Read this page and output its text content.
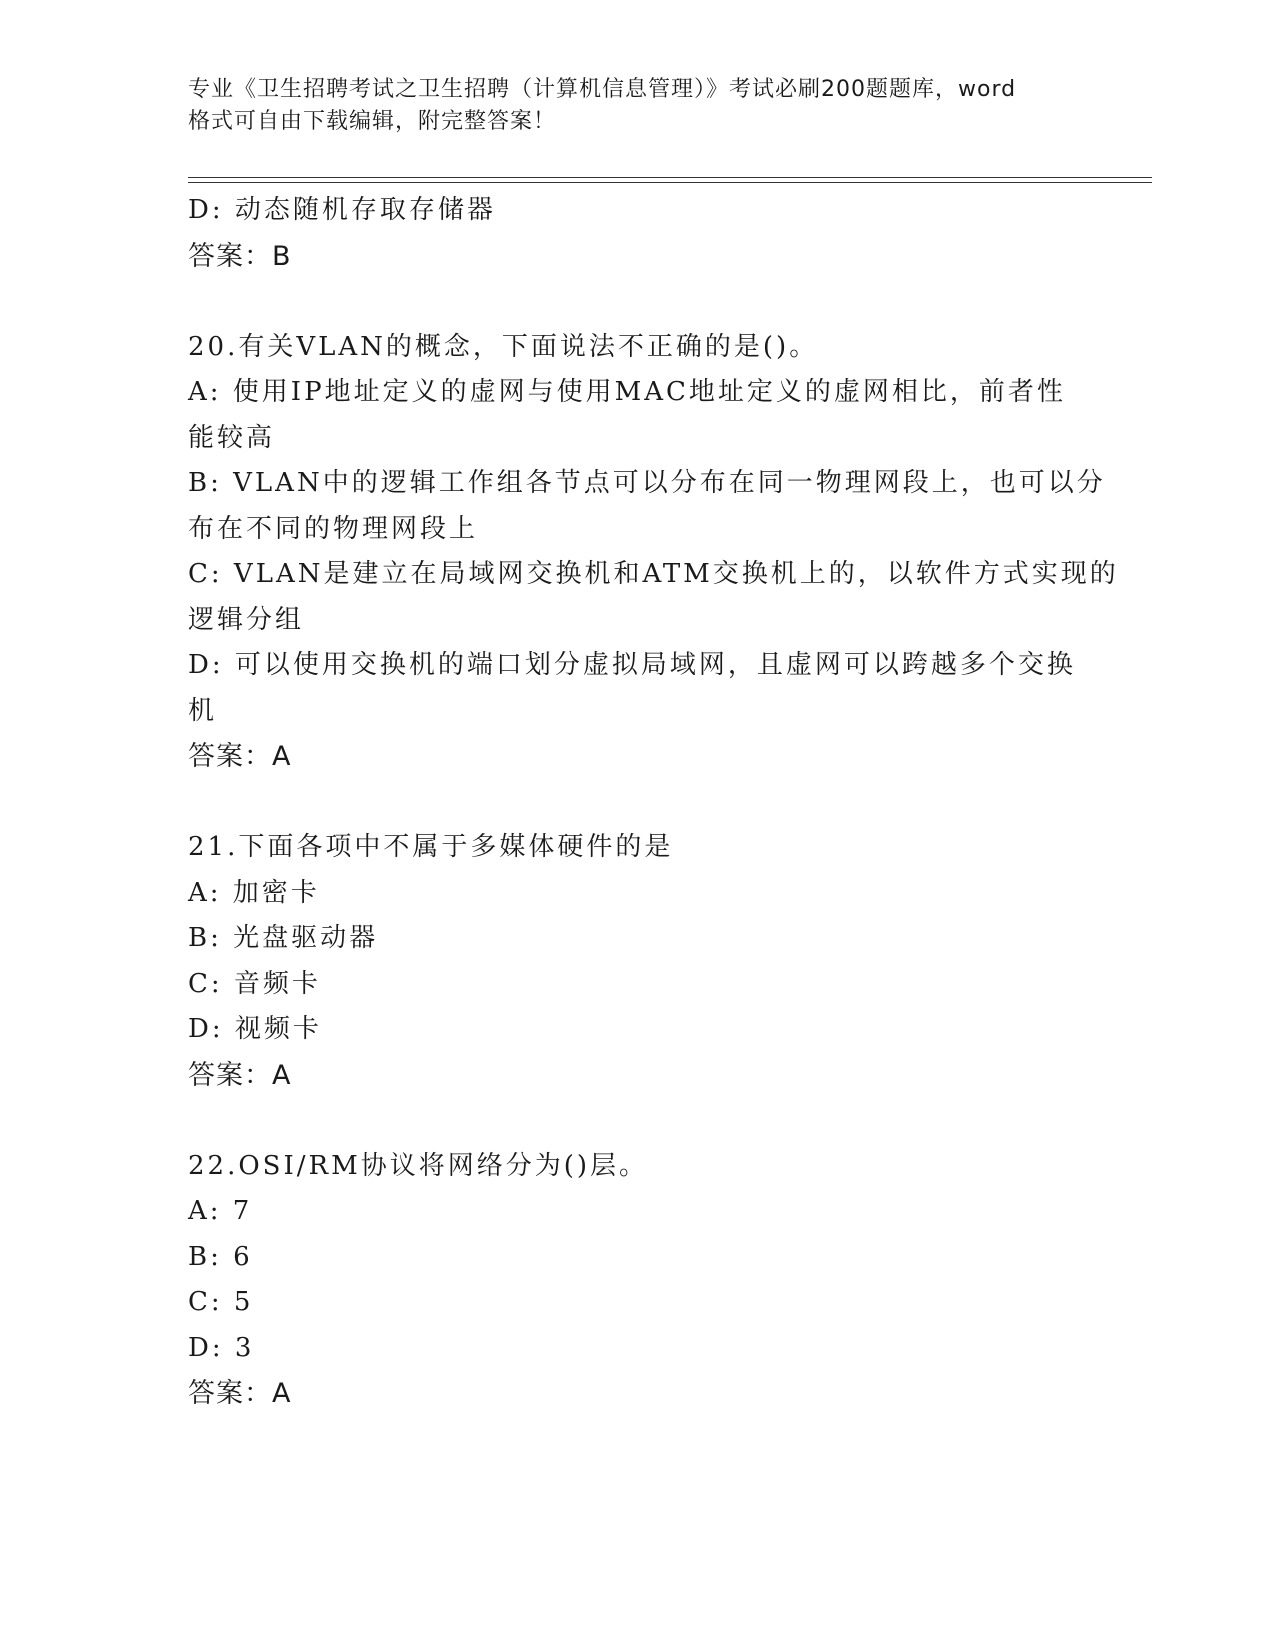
专业《卫生招聘考试之卫生招聘（计算机信息管理）》考试必刷200题题库，word
格式可自由下载编辑，附完整答案！
D: 动态随机存取存储器
答案：B
20.有关VLAN的概念，下面说法不正确的是()。
A: 使用IP地址定义的虚网与使用MAC地址定义的虚网相比，前者性
能较高
B: VLAN中的逻辑工作组各节点可以分布在同一物理网段上，也可以分
布在不同的物理网段上
C: VLAN是建立在局域网交换机和ATM交换机上的，以软件方式实现的
逻辑分组
D: 可以使用交换机的端口划分虚拟局域网，且虚网可以跨越多个交换
机
答案：A
21.下面各项中不属于多媒体硬件的是
A: 加密卡
B: 光盘驱动器
C: 音频卡
D: 视频卡
答案：A
22.OSI/RM协议将网络分为()层。
A: 7
B: 6
C: 5
D: 3
答案：A
